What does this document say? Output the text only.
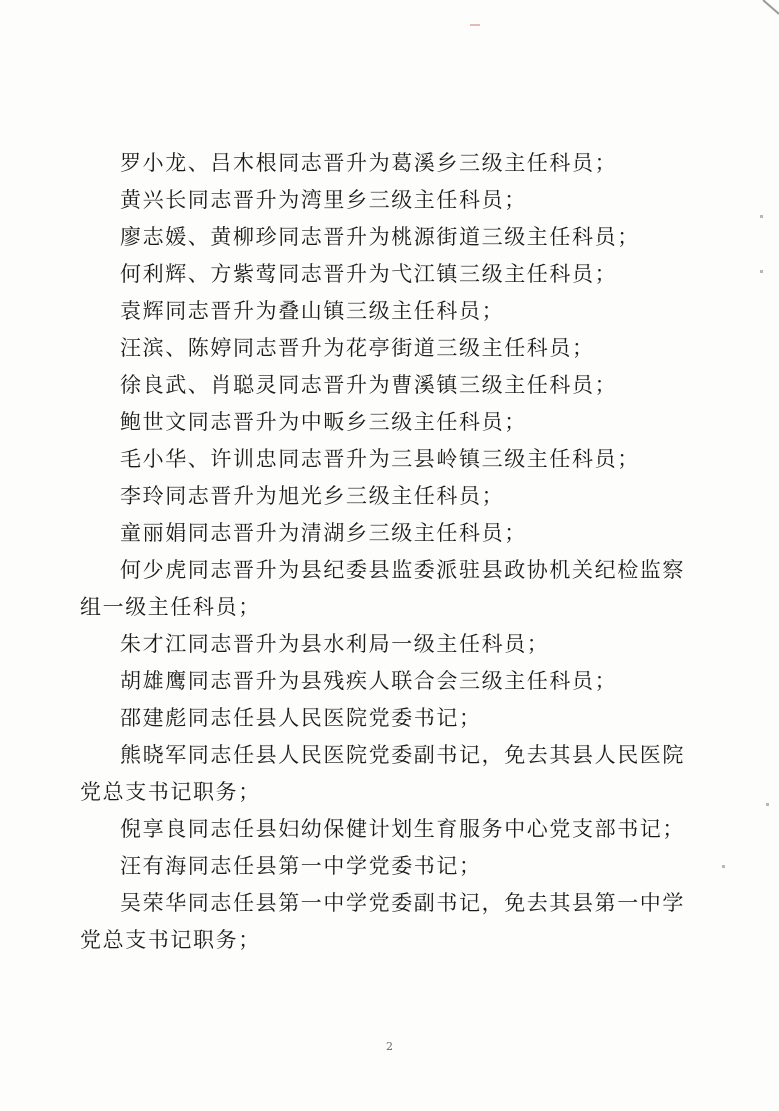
罗小龙、吕木根同志晋升为葛溪乡三级主任科员；
黄兴长同志晋升为湾里乡三级主任科员；
廖志媛、黄柳珍同志晋升为桃源街道三级主任科员；
何利辉、方紫莺同志晋升为弋江镇三级主任科员；
袁辉同志晋升为叠山镇三级主任科员；
汪滨、陈婷同志晋升为花亭街道三级主任科员；
徐良武、肖聪灵同志晋升为曹溪镇三级主任科员；
鲍世文同志晋升为中畈乡三级主任科员；
毛小华、许训忠同志晋升为三县岭镇三级主任科员；
李玲同志晋升为旭光乡三级主任科员；
童丽娟同志晋升为清湖乡三级主任科员；
何少虎同志晋升为县纪委县监委派驻县政协机关纪检监察
组一级主任科员；
朱才江同志晋升为县水利局一级主任科员；
胡雄鹰同志晋升为县残疾人联合会三级主任科员；
邵建彪同志任县人民医院党委书记；
熊晓军同志任县人民医院党委副书记，免去其县人民医院
党总支书记职务；
倪享良同志任县妇幼保健计划生育服务中心党支部书记；
汪有海同志任县第一中学党委书记；
吴荣华同志任县第一中学党委副书记，免去其县第一中学
党总支书记职务；
2
